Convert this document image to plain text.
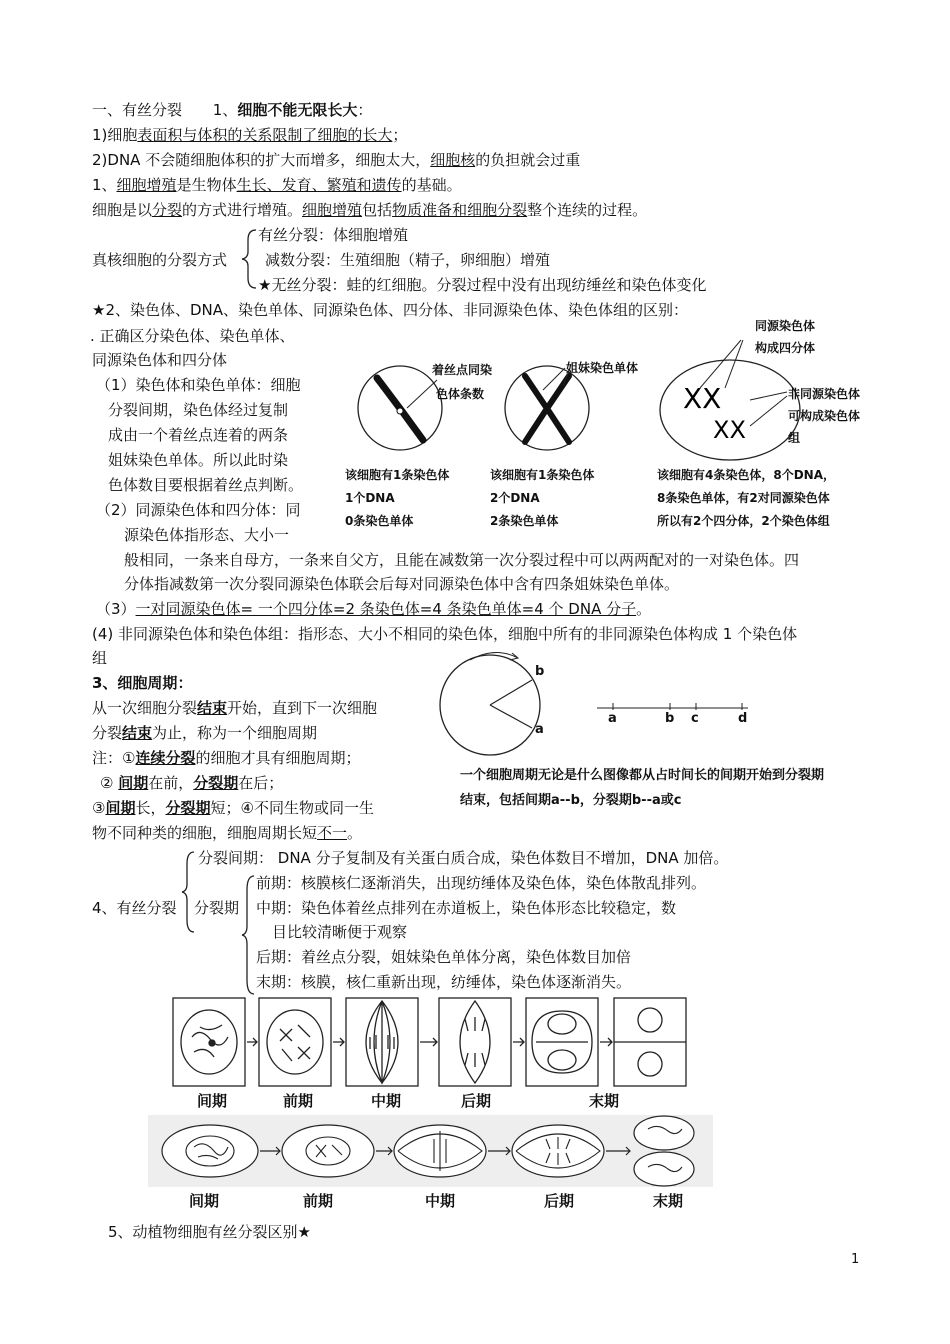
一、有丝分裂 1、细胞不能无限长大：
1)细胞表面积与体积的关系限制了细胞的长大；
2)DNA 不会随细胞体积的扩大而增多，细胞太大，细胞核的负担就会过重
1、细胞增殖是生物体生长、发育、繁殖和遗传的基础。
细胞是以分裂的方式进行增殖。细胞增殖包括物质准备和细胞分裂整个连续的过程。
有丝分裂：体细胞增殖
真核细胞的分裂方式	减数分裂：生殖细胞（精子，卵细胞）增殖
★无丝分裂：蛙的红细胞。分裂过程中没有出现纺缍丝和染色体变化
★2、染色体、DNA、染色单体、同源染色体、四分体、非同源染色体、染色体组的区别：
. 正确区分染色体、染色单体、
同源染色体和四分体
（1）染色体和染色单体：细胞
分裂间期，染色体经过复制
成由一个着丝点连着的两条
姐妹染色单体。所以此时染
色体数目要根据着丝点判断。
（2）同源染色体和四分体：同
源染色体指形态、大小一
般相同，一条来自母方，一条来自父方，且能在减数第一次分裂过程中可以两两配对的一对染色体。四
分体指减数第一次分裂同源染色体联会后每对同源染色体中含有四条姐妹染色单体。
（3）一对同源染色体= 一个四分体=2 条染色体=4 条染色单体=4 个 DNA 分子。
(4) 非同源染色体和染色体组：指形态、大小不相同的染色体，细胞中所有的非同源染色体构成 1 个染色体
组
XX
XX
着丝点同染
色体条数
姐妹染色单体
同源染色体
构成四分体
非同源染色体
可构成染色体
组
该细胞有1条染色体
1个DNA
0条染色单体
该细胞有1条染色体
2个DNA
2条染色单体
该细胞有4条染色体，8个DNA，
8条染色单体，有2对同源染色体
所以有2个四分体，2个染色体组
3、细胞周期：
从一次细胞分裂结束开始，直到下一次细胞
分裂结束为止，称为一个细胞周期
注：①连续分裂的细胞才具有细胞周期；
② 间期在前，分裂期在后；
③间期长，分裂期短；④不同生物或同一生
物不同种类的细胞，细胞周期长短不一。
b
a
a	b c	d
一个细胞周期无论是什么图像都从占时间长的间期开始到分裂期
结束，包括间期a--b，分裂期b--a或c
分裂间期： DNA 分子复制及有关蛋白质合成，染色体数目不增加，DNA 加倍。
前期：核膜核仁逐渐消失，出现纺缍体及染色体，染色体散乱排列。
4、有丝分裂 分裂期 中期：染色体着丝点排列在赤道板上，染色体形态比较稳定，数
目比较清晰便于观察
后期：着丝点分裂，姐妹染色单体分离，染色体数目加倍
末期：核膜，核仁重新出现，纺缍体，染色体逐渐消失。
间期	前期	中期	后期	末期
间期	前期	中期	后期	末期
5、动植物细胞有丝分裂区别★
1
